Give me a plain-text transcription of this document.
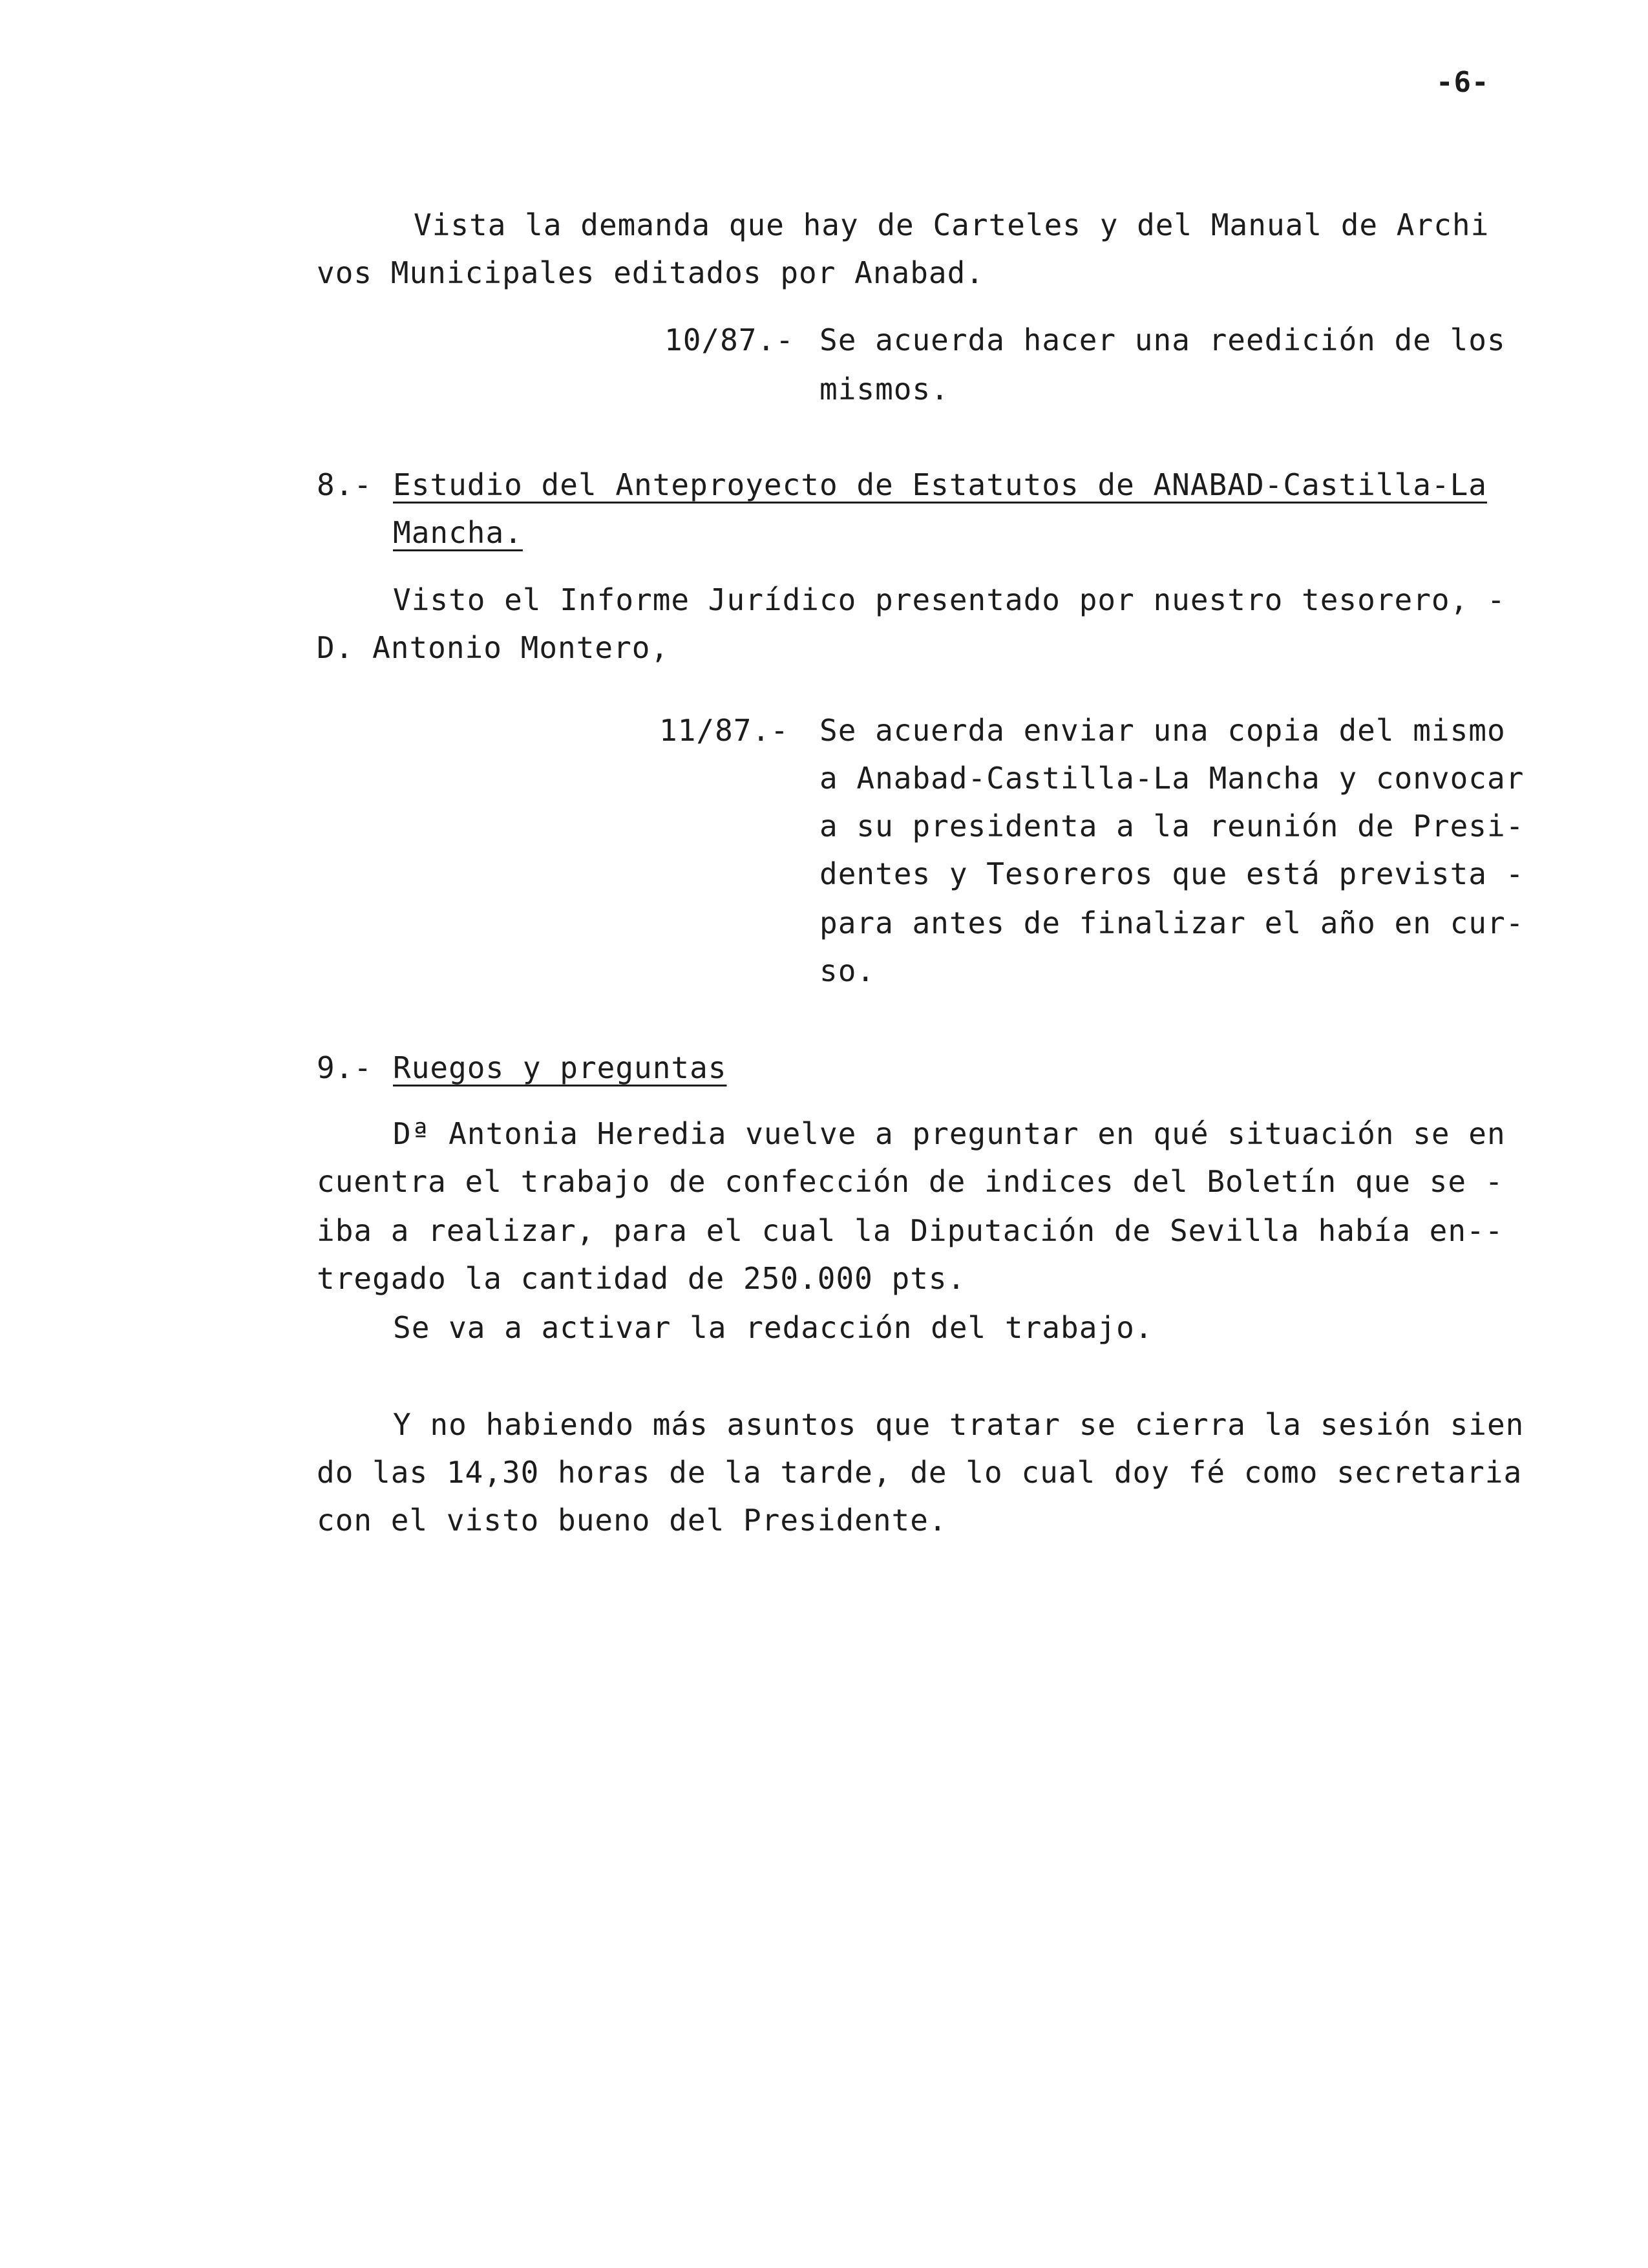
-6-
Vista la demanda que hay de Carteles y del Manual de Archi
vos Municipales editados por Anabad.
10/87.- Se acuerda hacer una reedición de los
mismos.
8.- Estudio del Anteproyecto de Estatutos de ANABAD-Castilla-La
Mancha.
Visto el Informe Jurídico presentado por nuestro tesorero, -
D. Antonio Montero,
11/87.- Se acuerda enviar una copia del mismo
a Anabad-Castilla-La Mancha y convocar
a su presidenta a la reunión de Presi-
dentes y Tesoreros que está prevista -
para antes de finalizar el año en cur-
so.
9.- Ruegos y preguntas
Dª Antonia Heredia vuelve a preguntar en qué situación se en
cuentra el trabajo de confección de indices del Boletín que se -
iba a realizar, para el cual la Diputación de Sevilla había en--
tregado la cantidad de 250.000 pts.
Se va a activar la redacción del trabajo.
Y no habiendo más asuntos que tratar se cierra la sesión sien
do las 14,30 horas de la tarde, de lo cual doy fé como secretaria
con el visto bueno del Presidente.
